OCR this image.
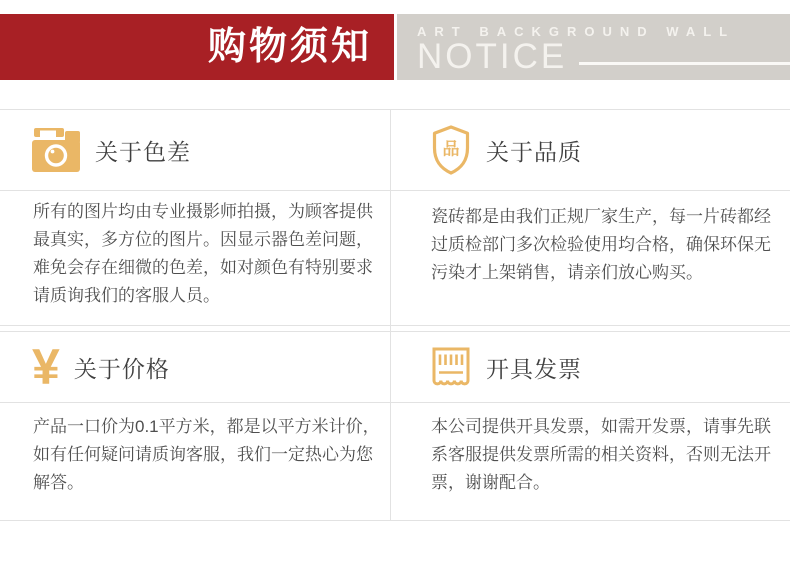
购物须知	ART BACKGROUND WALL
NOTICE
关于色差
所有的图片均由专业摄影师拍摄，为顾客提供最真实，多方位的图片。因显示器色差问题，难免会存在细微的色差，如对颜色有特别要求请质询我们的客服人员。
品 关于品质
瓷砖都是由我们正规厂家生产，每一片砖都经过质检部门多次检验使用均合格，确保环保无污染才上架销售，请亲们放心购买。
¥ 关于价格
产品一口价为0.1平方米，都是以平方米计价，如有任何疑问请质询客服，我们一定热心为您解答。
开具发票
本公司提供开具发票，如需开发票，请事先联系客服提供发票所需的相关资料，否则无法开票，谢谢配合。
